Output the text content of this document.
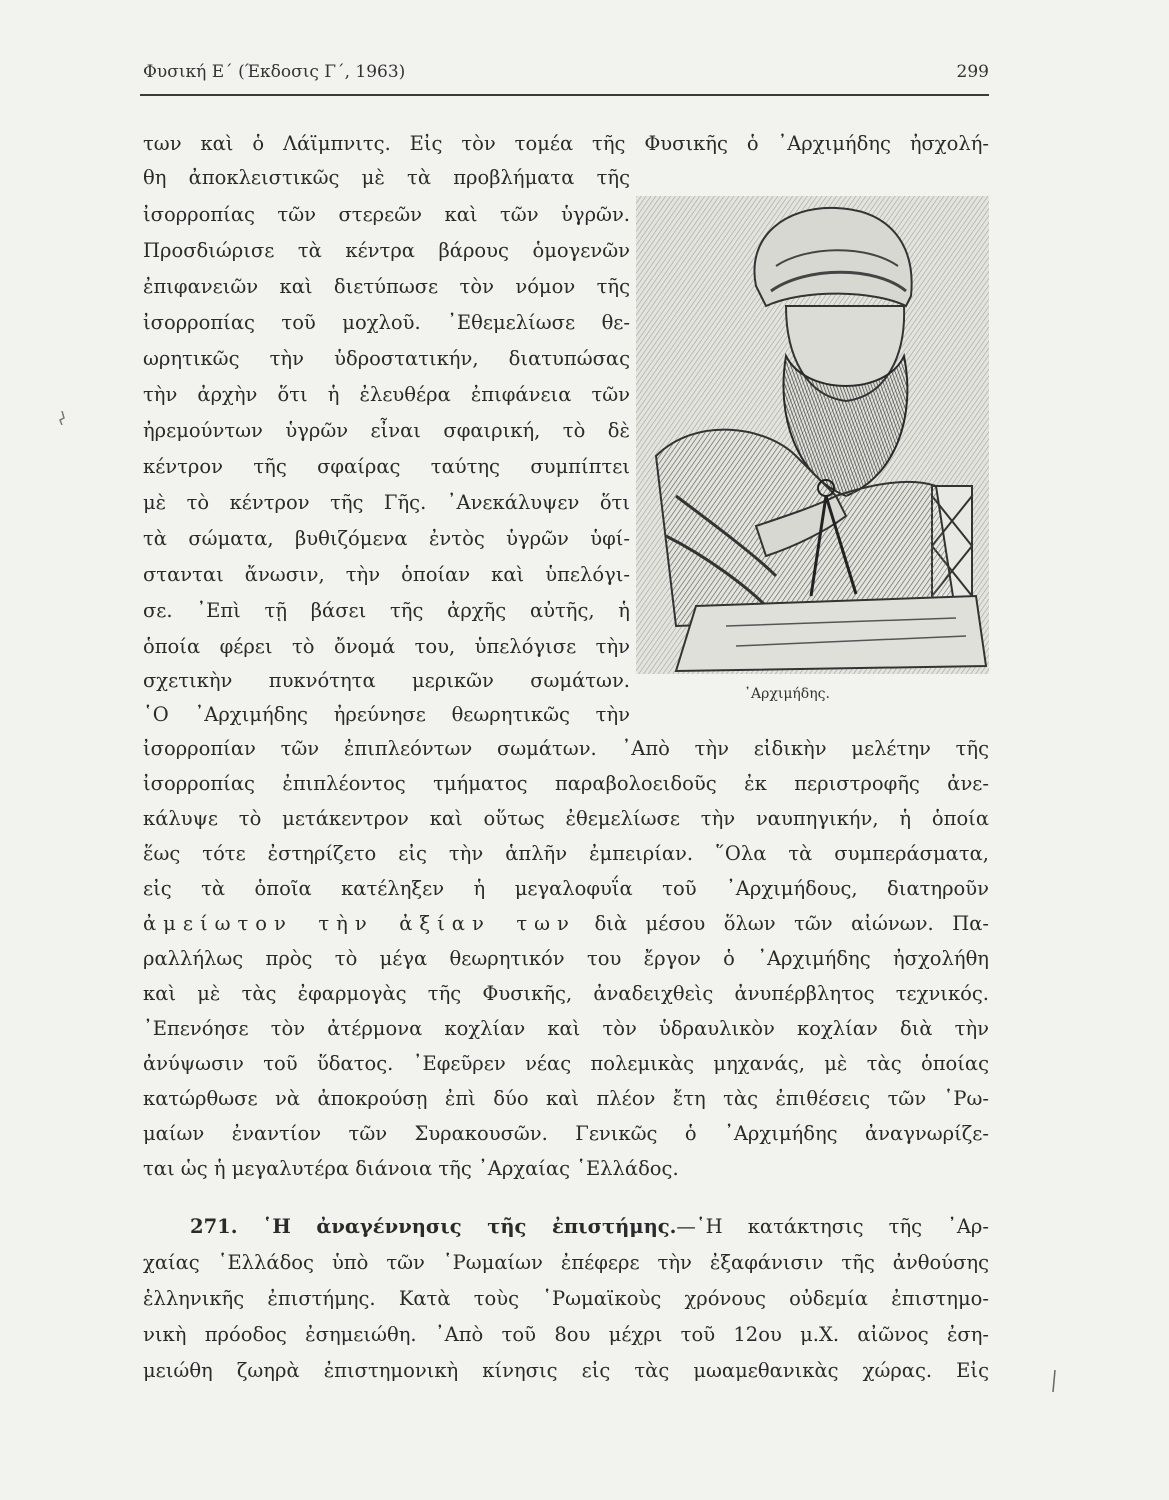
Φυσική Ε΄ (Έκδοσις Γ΄, 1963)	299
των καὶ ὁ Λάϊμπνιτς. Εἰς τὸν τομέα τῆς Φυσικῆς ὁ ᾿Αρχιμήδης ἠσχολή-
θη ἀποκλειστικῶς μὲ τὰ προβλήματα τῆς
ἰσορροπίας τῶν στερεῶν καὶ τῶν ὑγρῶν.
Προσδιώρισε τὰ κέντρα βάρους ὁμογενῶν
ἐπιφανειῶν καὶ διετύπωσε τὸν νόμον τῆς
ἰσορροπίας τοῦ μοχλοῦ. ᾿Εθεμελίωσε θε-
ωρητικῶς τὴν ὑδροστατικήν, διατυπώσας
τὴν ἀρχὴν ὅτι ἡ ἐλευθέρα ἐπιφάνεια τῶν
ἠρεμούντων ὑγρῶν εἶναι σφαιρική, τὸ δὲ
κέντρον τῆς σφαίρας ταύτης συμπίπτει
μὲ τὸ κέντρον τῆς Γῆς. ᾿Ανεκάλυψεν ὅτι
τὰ σώματα, βυθιζόμενα ἐντὸς ὑγρῶν ὑφί-
στανται ἄνωσιν, τὴν ὁποίαν καὶ ὑπελόγι-
σε. ᾿Επὶ τῇ βάσει τῆς ἀρχῆς αὐτῆς, ἡ
ὁποία φέρει τὸ ὄνομά του, ὑπελόγισε τὴν
σχετικὴν πυκνότητα μερικῶν σωμάτων.
῾Ο ᾿Αρχιμήδης ἠρεύνησε θεωρητικῶς τὴν
᾿Αρχιμήδης.
ἰσορροπίαν τῶν ἐπιπλεόντων σωμάτων. ᾿Απὸ τὴν εἰδικὴν μελέτην τῆς
ἰσορροπίας ἐπιπλέοντος τμήματος παραβολοειδοῦς ἐκ περιστροφῆς ἀνε-
κάλυψε τὸ μετάκεντρον καὶ οὕτως ἐθεμελίωσε τὴν ναυπηγικήν, ἡ ὁποία
ἕως τότε ἐστηρίζετο εἰς τὴν ἁπλῆν ἐμπειρίαν. ῞Ολα τὰ συμπεράσματα,
εἰς τὰ ὁποῖα κατέληξεν ἡ μεγαλοφυΐα τοῦ ᾿Αρχιμήδους, διατηροῦν
ἀμείωτον τὴν ἀξίαν των διὰ μέσου ὅλων τῶν αἰώνων. Πα-
ραλλήλως πρὸς τὸ μέγα θεωρητικόν του ἔργον ὁ ᾿Αρχιμήδης ἠσχολήθη
καὶ μὲ τὰς ἐφαρμογὰς τῆς Φυσικῆς, ἀναδειχθεὶς ἀνυπέρβλητος τεχνικός.
᾿Επενόησε τὸν ἀτέρμονα κοχλίαν καὶ τὸν ὑδραυλικὸν κοχλίαν διὰ τὴν
ἀνύψωσιν τοῦ ὕδατος. ᾿Εφεῦρεν νέας πολεμικὰς μηχανάς, μὲ τὰς ὁποίας
κατώρθωσε νὰ ἀποκρούσῃ ἐπὶ δύο καὶ πλέον ἔτη τὰς ἐπιθέσεις τῶν ῾Ρω-
μαίων ἐναντίον τῶν Συρακουσῶν. Γενικῶς ὁ ᾿Αρχιμήδης ἀναγνωρίζε-
ται ὡς ἡ μεγαλυτέρα διάνοια τῆς ᾿Αρχαίας ῾Ελλάδος.
271. ῾Η ἀναγέννησις τῆς ἐπιστήμης.—῾Η κατάκτησις τῆς ᾿Αρ-
χαίας ῾Ελλάδος ὑπὸ τῶν ῾Ρωμαίων ἐπέφερε τὴν ἐξαφάνισιν τῆς ἀνθούσης
ἑλληνικῆς ἐπιστήμης. Κατὰ τοὺς ῾Ρωμαϊκοὺς χρόνους οὐδεμία ἐπιστημο-
νικὴ πρόοδος ἐσημειώθη. ᾿Απὸ τοῦ 8ου μέχρι τοῦ 12ου μ.Χ. αἰῶνος ἐση-
μειώθη ζωηρὰ ἐπιστημονικὴ κίνησις εἰς τὰς μωαμεθανικὰς χώρας. Εἰς
